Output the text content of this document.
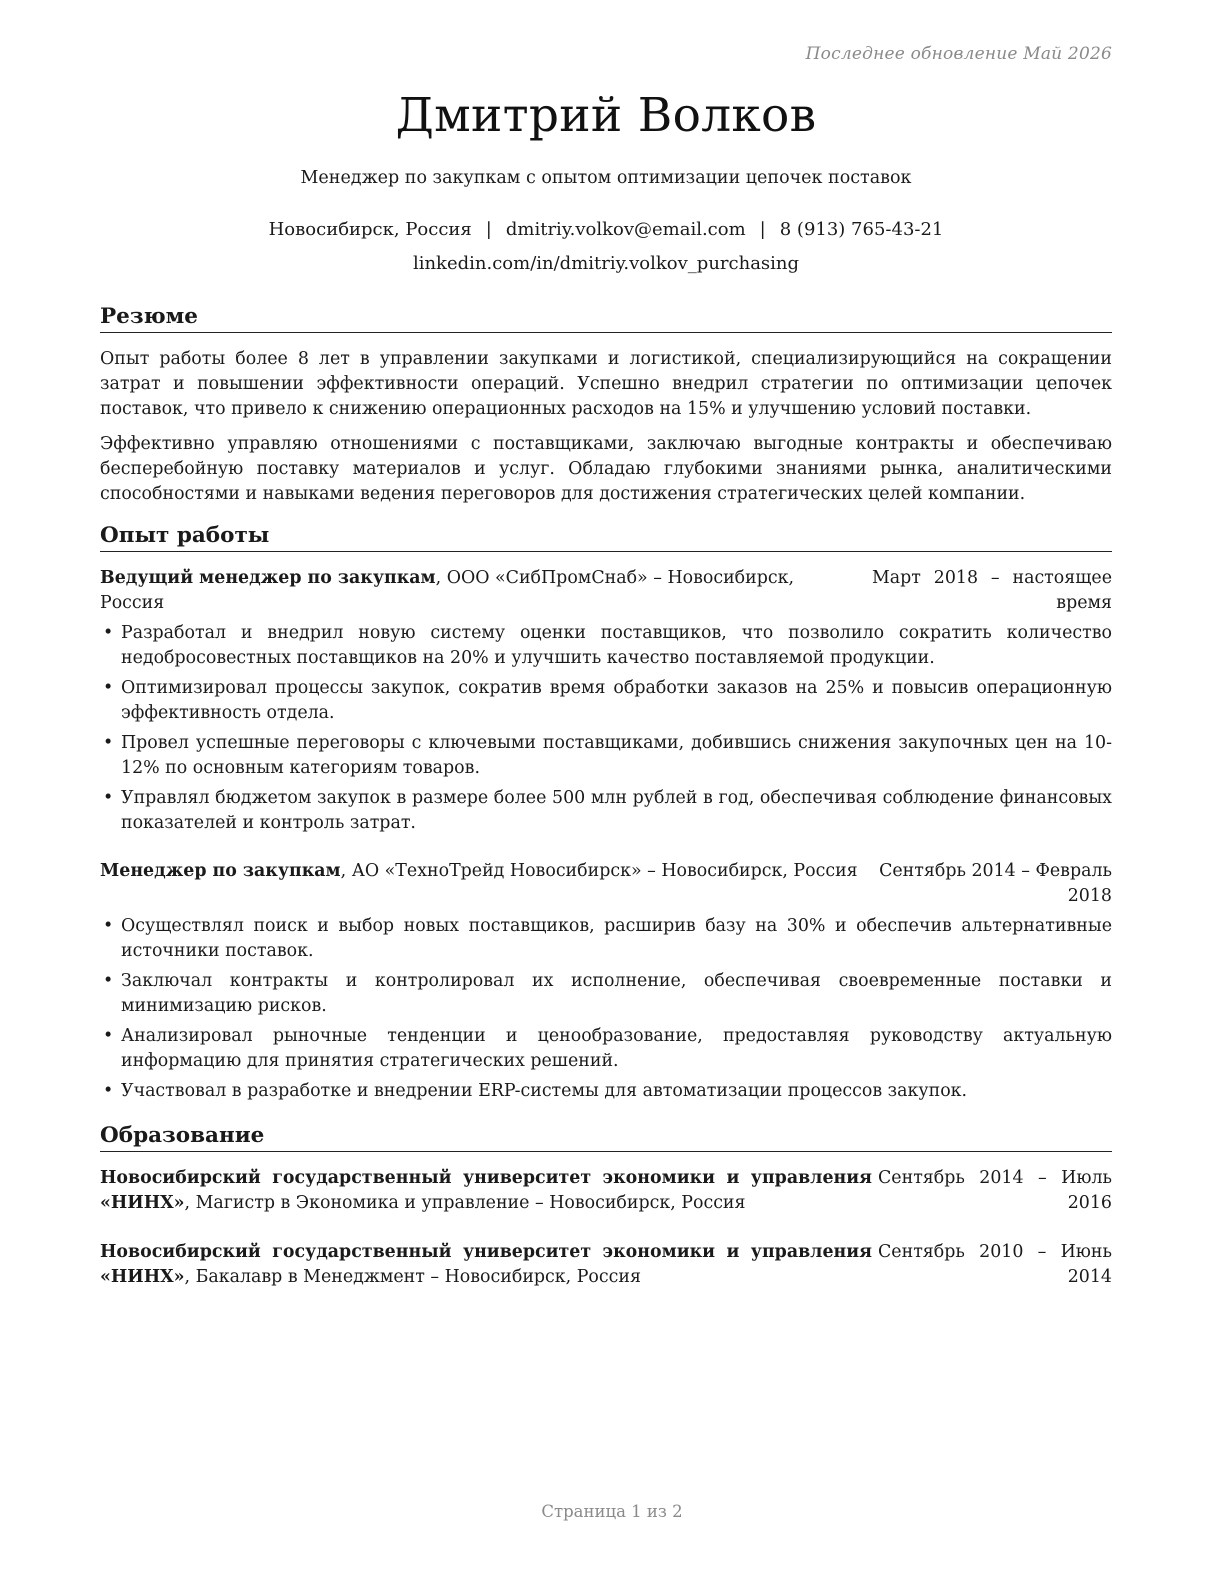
Последнее обновление Май 2026
Дмитрий Волков
Менеджер по закупкам с опытом оптимизации цепочек поставок
Новосибирск, Россия | dmitriy.volkov@email.com | 8 (913) 765-43-21
linkedin.com/in/dmitriy.volkov_purchasing
Резюме

Опыт работы более 8 лет в управлении закупками и логистикой, специализирующийся на сокращении затрат и повышении эффективности операций. Успешно внедрил стратегии по оптимизации цепочек поставок, что привело к снижению операционных расходов на 15% и улучшению условий поставки.

Эффективно управляю отношениями с поставщиками, заключаю выгодные контракты и обеспечиваю бесперебойную поставку материалов и услуг. Обладаю глубокими знаниями рынка, аналитическими способностями и навыками ведения переговоров для достижения стратегических целей компании.

Опыт работы
Ведущий менеджер по закупкам, ООО «СибПромСнаб» – Новосибирск, Россия
Март 2018 – настоящее время
• Разработал и внедрил новую систему оценки поставщиков, что позволило сократить количество недобросовестных поставщиков на 20% и улучшить качество поставляемой продукции.
• Оптимизировал процессы закупок, сократив время обработки заказов на 25% и повысив операционную эффективность отдела.
• Провел успешные переговоры с ключевыми поставщиками, добившись снижения закупочных цен на 10-12% по основным категориям товаров.
• Управлял бюджетом закупок в размере более 500 млн рублей в год, обеспечивая соблюдение финансовых показателей и контроль затрат.
Менеджер по закупкам, АО «ТехноТрейд Новосибирск» – Новосибирск, Россия	Сентябрь 2014 – Февраль 2018
• Осуществлял поиск и выбор новых поставщиков, расширив базу на 30% и обеспечив альтернативные источники поставок.
• Заключал контракты и контролировал их исполнение, обеспечивая своевременные поставки и минимизацию рисков.
• Анализировал рыночные тенденции и ценообразование, предоставляя руководству актуальную информацию для принятия стратегических решений.
• Участвовал в разработке и внедрении ERP-системы для автоматизации процессов закупок.
Образование
Новосибирский государственный университет экономики и управления «НИНХ», Магистр в Экономика и управление – Новосибирск, Россия
Сентябрь 2014 – Июль 2016
Новосибирский государственный университет экономики и управления «НИНХ», Бакалавр в Менеджмент – Новосибирск, Россия
Сентябрь 2010 – Июнь 2014
Страница 1 из 2
